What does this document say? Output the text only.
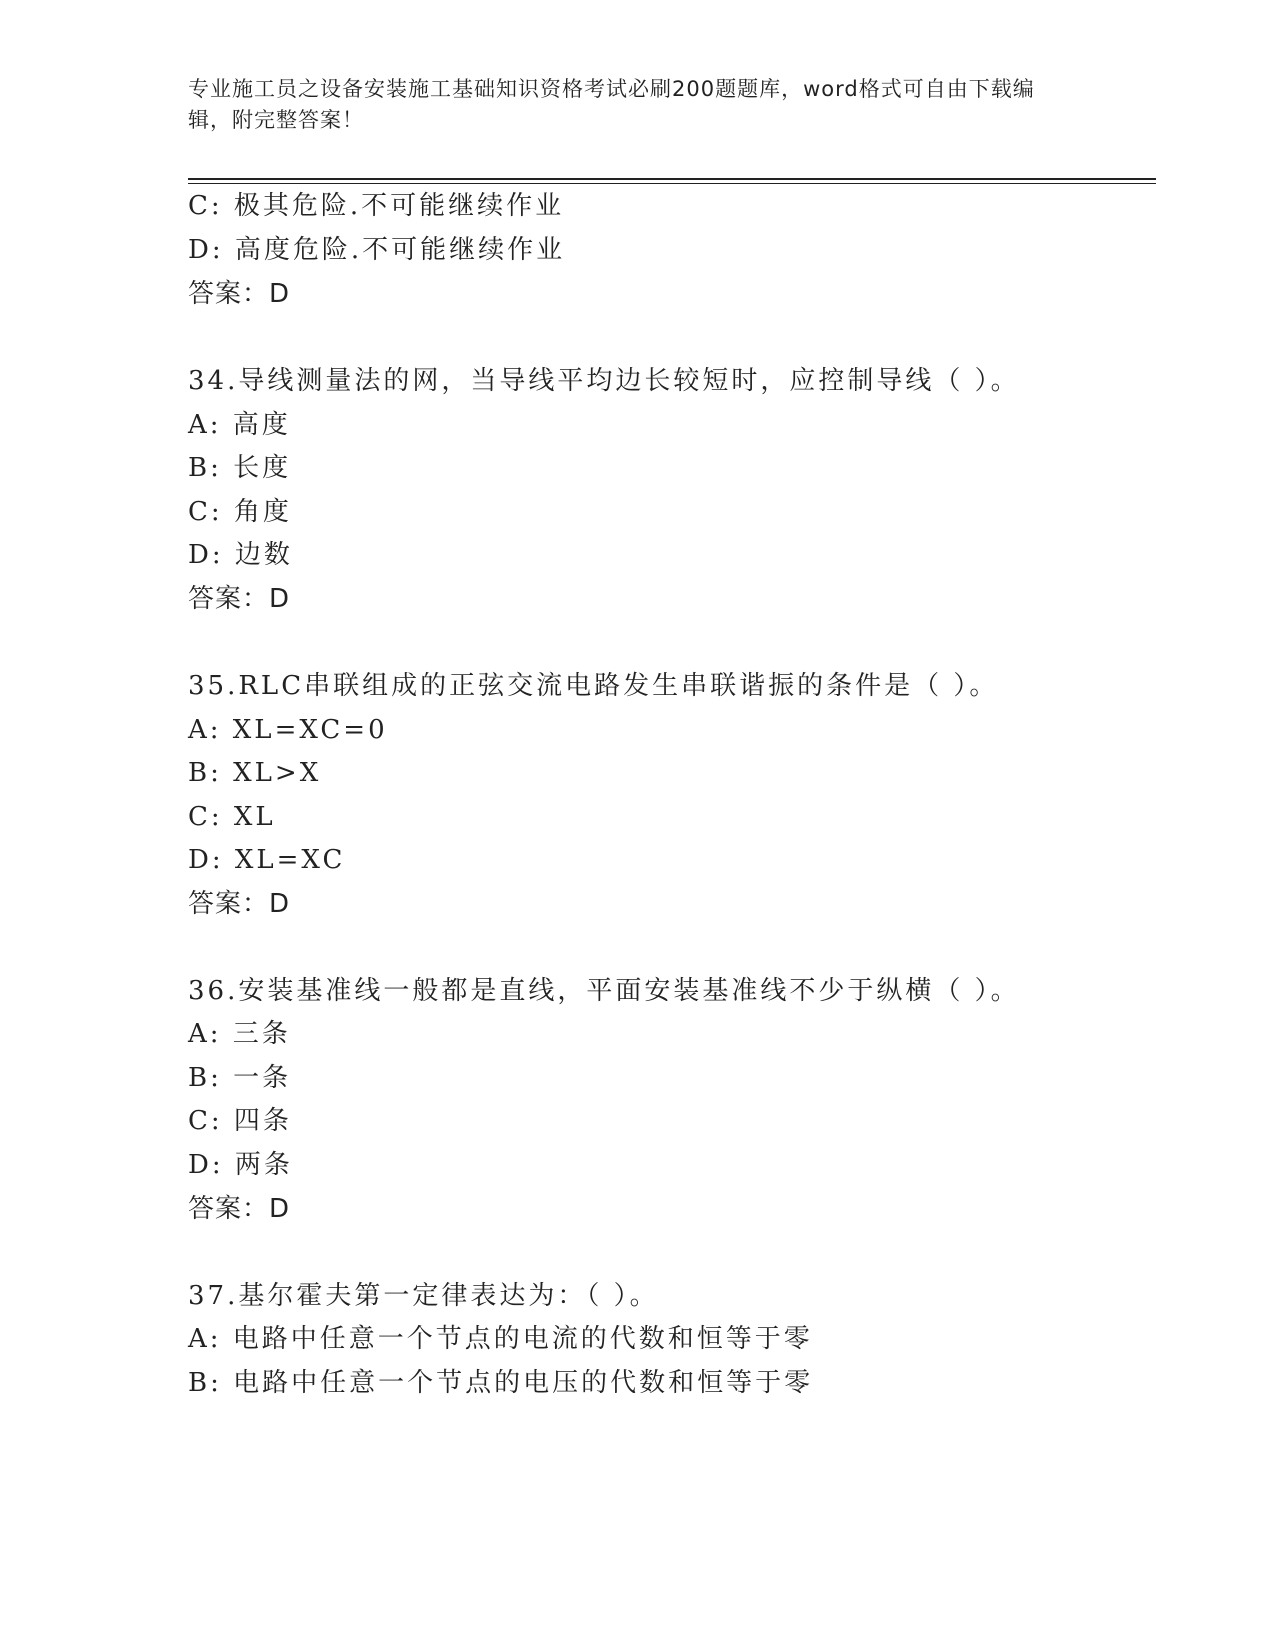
专业施工员之设备安装施工基础知识资格考试必刷200题题库，word格式可自由下载编辑，附完整答案！
C: 极其危险.不可能继续作业
D: 高度危险.不可能继续作业
答案：D
34.导线测量法的网，当导线平均边长较短时，应控制导线（ ）。
A: 高度
B: 长度
C: 角度
D: 边数
答案：D
35.RLC串联组成的正弦交流电路发生串联谐振的条件是（ ）。
A: XL=XC=0
B: XL>X
C: XL
D: XL=XC
答案：D
36.安装基准线一般都是直线，平面安装基准线不少于纵横（ ）。
A: 三条
B: 一条
C: 四条
D: 两条
答案：D
37.基尔霍夫第一定律表达为：（ ）。
A: 电路中任意一个节点的电流的代数和恒等于零
B: 电路中任意一个节点的电压的代数和恒等于零
